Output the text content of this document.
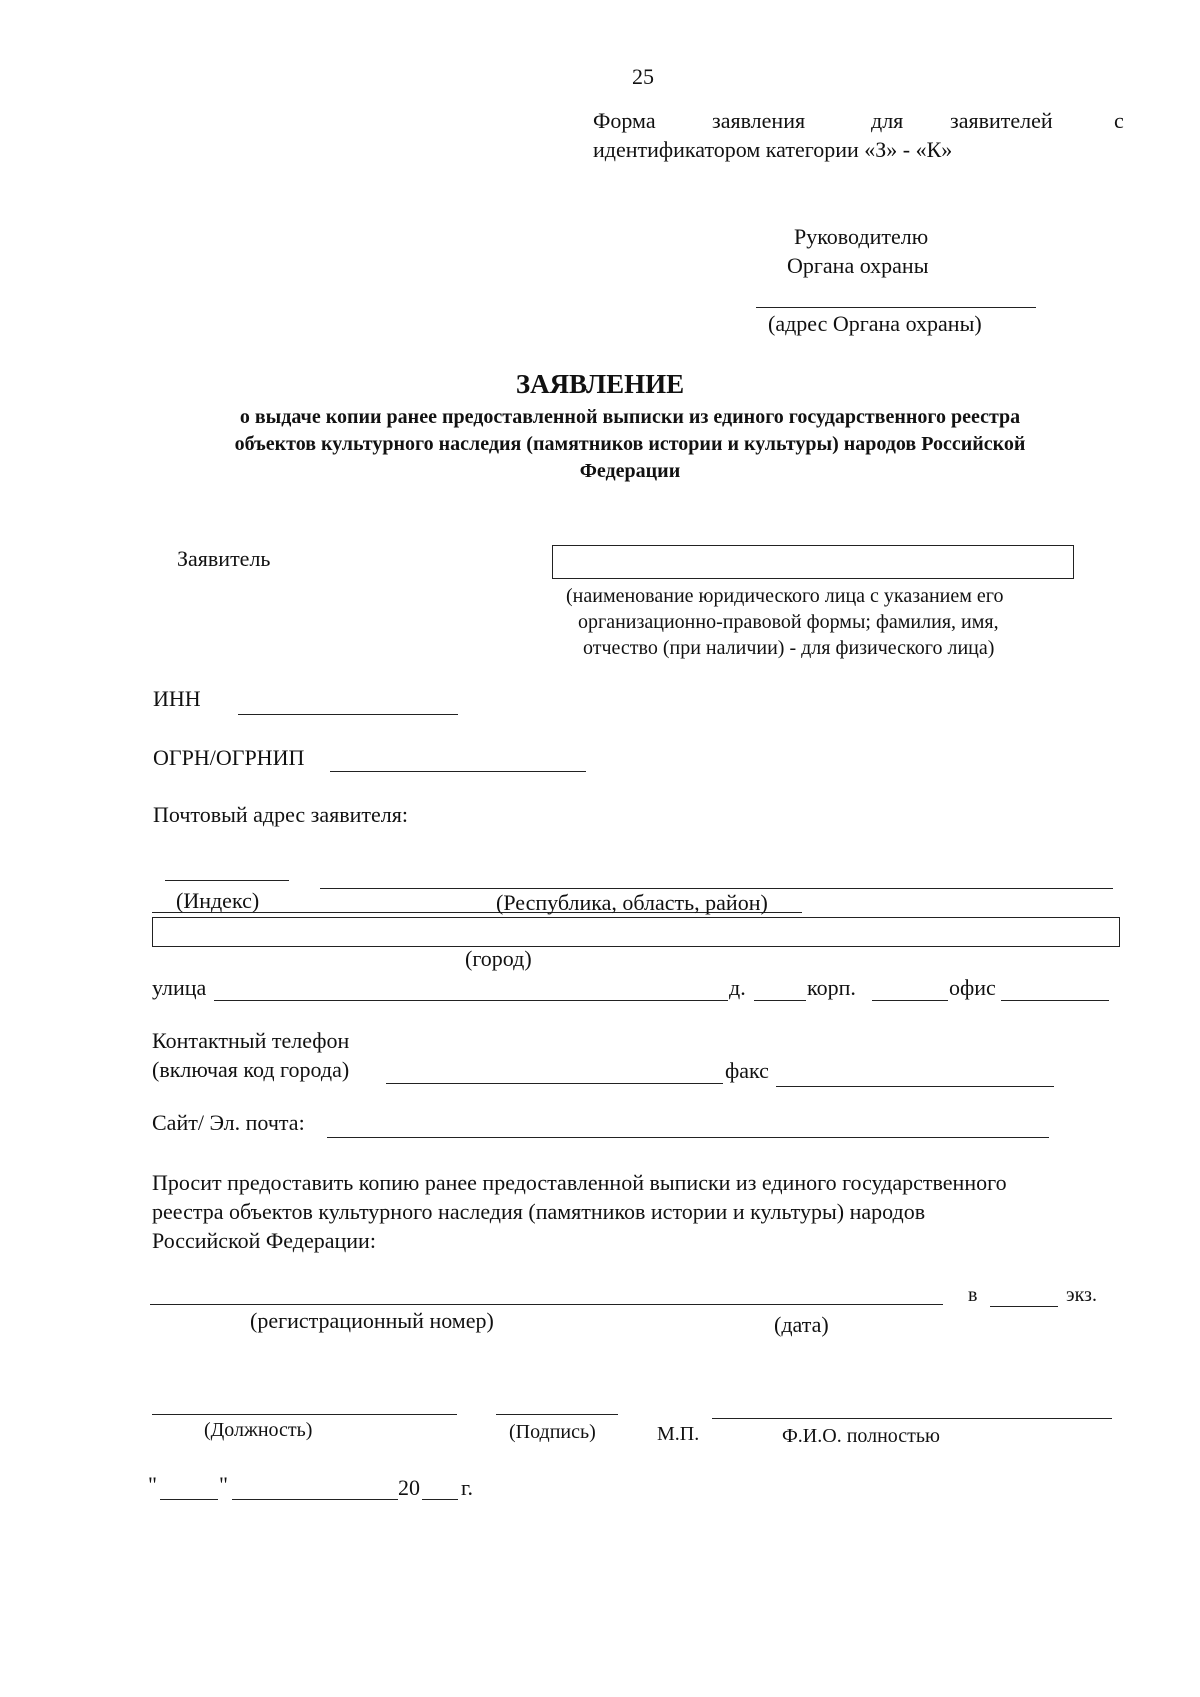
25
Форма	заявления	для заявителей	с
идентификатором категории «З» - «К»
Руководителю
Органа охраны
(адрес Органа охраны)
ЗАЯВЛЕНИЕ
о выдаче копии ранее предоставленной выписки из единого государственного реестра
объектов культурного наследия (памятников истории и культуры) народов Российской
Федерации
Заявитель
(наименование юридического лица с указанием его
организационно-правовой формы; фамилия, имя,
отчество (при наличии) - для физического лица)
ИНН
ОГРН/ОГРНИП
Почтовый адрес заявителя:
(Индекс)	(Республика, область, район)
(город)
улица	д.	корп.	офис
Контактный телефон
(включая код города)	факс
Сайт/ Эл. почта:
Просит предоставить копию ранее предоставленной выписки из единого государственного
реестра объектов культурного наследия (памятников истории и культуры) народов
Российской Федерации:
в	экз.
(регистрационный номер)	(дата)
(Должность)	(Подпись)	М.П.	Ф.И.О. полностью
"	"	20 г.
